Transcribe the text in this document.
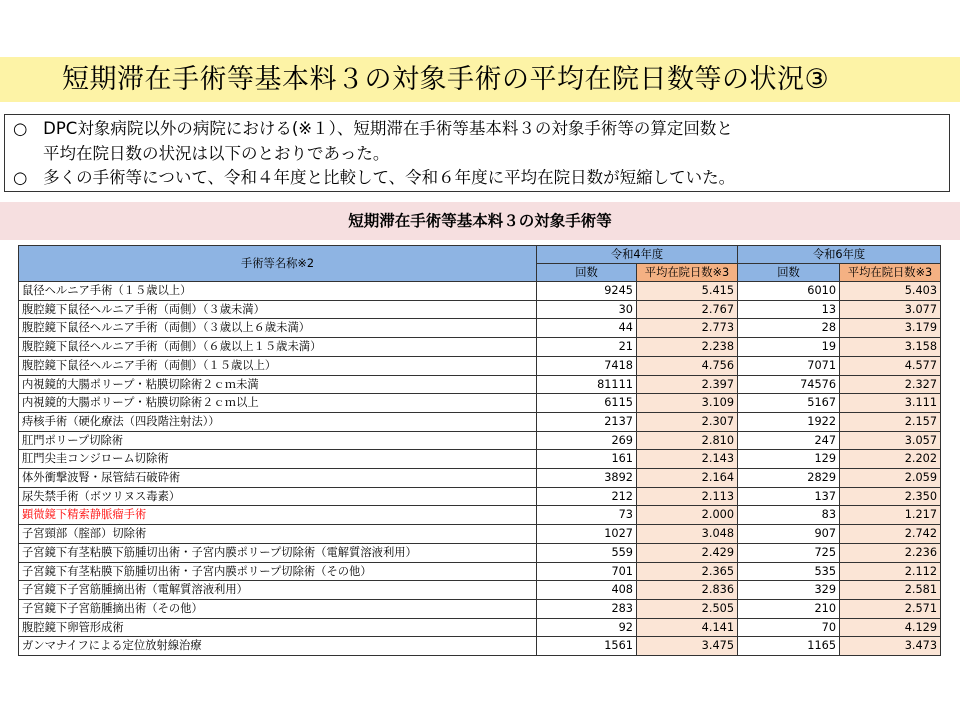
短期滞在手術等基本料３の対象手術の平均在院日数等の状況③
○ DPC対象病院以外の病院における(※１）、短期滞在手術等基本料３の対象手術等の算定回数と
平均在院日数の状況は以下のとおりであった。
○ 多くの手術等について、令和４年度と比較して、令和６年度に平均在院日数が短縮していた。
短期滞在手術等基本料３の対象手術等
手術等名称※2	令和4年度		令和6年度	
	回数	平均在院日数※3	回数	平均在院日数※3
鼠径ヘルニア手術（１５歳以上）	9245	5.415	6010	5.403
腹腔鏡下鼠径ヘルニア手術（両側）（３歳未満）	30	2.767	13	3.077
腹腔鏡下鼠径ヘルニア手術（両側）（３歳以上６歳未満）	44	2.773	28	3.179
腹腔鏡下鼠径ヘルニア手術（両側）（６歳以上１５歳未満）	21	2.238	19	3.158
腹腔鏡下鼠径ヘルニア手術（両側）（１５歳以上）	7418	4.756	7071	4.577
内視鏡的大腸ポリープ・粘膜切除術２ｃｍ未満	81111	2.397	74576	2.327
内視鏡的大腸ポリープ・粘膜切除術２ｃｍ以上	6115	3.109	5167	3.111
痔核手術（硬化療法（四段階注射法））	2137	2.307	1922	2.157
肛門ポリープ切除術	269	2.810	247	3.057
肛門尖圭コンジローム切除術	161	2.143	129	2.202
体外衝撃波腎・尿管結石破砕術	3892	2.164	2829	2.059
尿失禁手術（ボツリヌス毒素）	212	2.113	137	2.350
顕微鏡下精索静脈瘤手術	73	2.000	83	1.217
子宮頸部（腟部）切除術	1027	3.048	907	2.742
子宮鏡下有茎粘膜下筋腫切出術・子宮内膜ポリープ切除術（電解質溶液利用）	559	2.429	725	2.236
子宮鏡下有茎粘膜下筋腫切出術・子宮内膜ポリープ切除術（その他）	701	2.365	535	2.112
子宮鏡下子宮筋腫摘出術（電解質溶液利用）	408	2.836	329	2.581
子宮鏡下子宮筋腫摘出術（その他）	283	2.505	210	2.571
腹腔鏡下卵管形成術	92	4.141	70	4.129
ガンマナイフによる定位放射線治療	1561	3.475	1165	3.473
